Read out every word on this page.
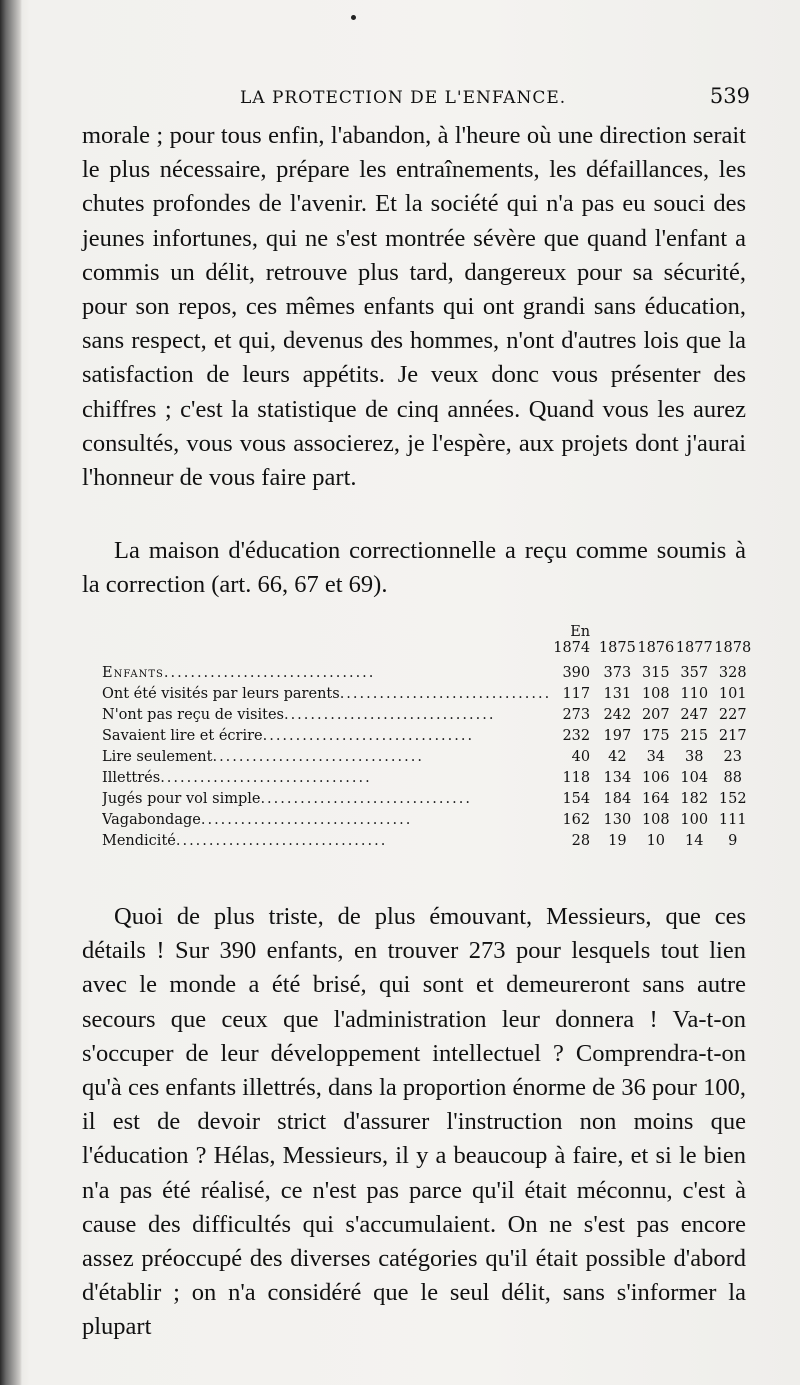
LA PROTECTION DE L'ENFANCE.	539

morale ; pour tous enfin, l'abandon, à l'heure où une direction serait le plus nécessaire, prépare les entraînements, les défaillances, les chutes profondes de l'avenir. Et la société qui n'a pas eu souci des jeunes infortunes, qui ne s'est montrée sévère que quand l'enfant a commis un délit, retrouve plus tard, dangereux pour sa sécurité, pour son repos, ces mêmes enfants qui ont grandi sans éducation, sans respect, et qui, devenus des hommes, n'ont d'autres lois que la satisfaction de leurs appétits. Je veux donc vous présenter des chiffres ; c'est la statistique de cinq années. Quand vous les aurez consultés, vous vous associerez, je l'espère, aux projets dont j'aurai l'honneur de vous faire part.

La maison d'éducation correctionnelle a reçu comme soumis à la correction (art. 66, 67 et 69).

	En 1874	1875	1876	1877	1878
Enfants................................	390	373	315	357	328
Ont été visités par leurs parents................................	117	131	108	110	101
N'ont pas reçu de visites................................	273	242	207	247	227
Savaient lire et écrire................................	232	197	175	215	217
Lire seulement................................	40	42	34	38	23
Illettrés................................	118	134	106	104	88
Jugés pour vol simple................................	154	184	164	182	152
Vagabondage................................	162	130	108	100	111
Mendicité................................	28	19	10	14	9

Quoi de plus triste, de plus émouvant, Messieurs, que ces détails ! Sur 390 enfants, en trouver 273 pour lesquels tout lien avec le monde a été brisé, qui sont et demeureront sans autre secours que ceux que l'administration leur donnera ! Va-t-on s'occuper de leur développement intellectuel ? Comprendra-t-on qu'à ces enfants illettrés, dans la proportion énorme de 36 pour 100, il est de devoir strict d'assurer l'instruction non moins que l'éducation ? Hélas, Messieurs, il y a beaucoup à faire, et si le bien n'a pas été réalisé, ce n'est pas parce qu'il était méconnu, c'est à cause des difficultés qui s'accumulaient. On ne s'est pas encore assez préoccupé des diverses catégories qu'il était possible d'abord d'établir ; on n'a considéré que le seul délit, sans s'informer la plupart
